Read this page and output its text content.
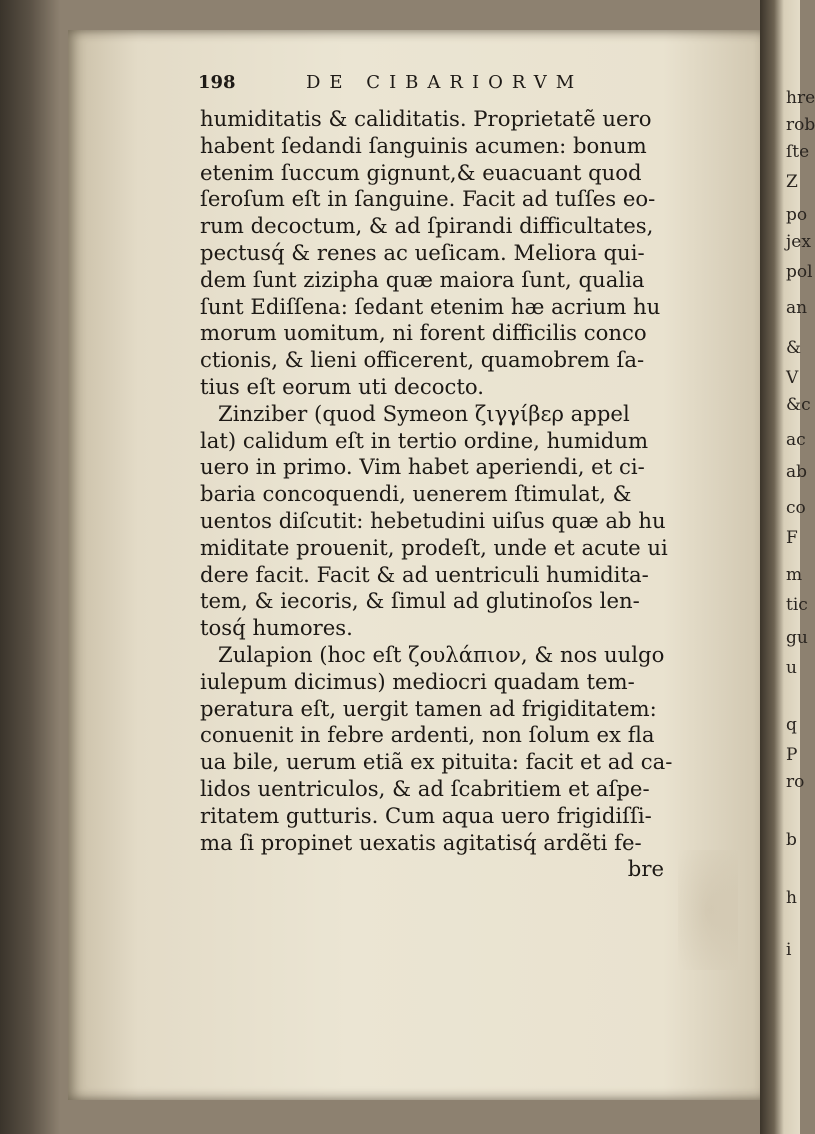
hre
rob
ſte
Z
po
jex
pol
an
&
V
&c
ac
ab
co
F
m
tic
gu
u
q
P
ro
b
h
i
198	DE CIBARIORVM
humiditatis & caliditatis. Proprietatẽ uero
habent ſedandi ſanguinis acumen: bonum
etenim ſuccum gignunt,& euacuant quod
ſeroſum eſt in ſanguine. Facit ad tuſſes eo-
rum decoctum, & ad ſpirandi difficultates,
pectusq́ & renes ac ueſicam. Meliora qui-
dem ſunt zizipha quæ maiora ſunt, qualia
ſunt Ediſſena: ſedant etenim hæ acrium hu
morum uomitum, ni forent difficilis conco
ctionis, & lieni officerent, quamobrem ſa-
tius eſt eorum uti decocto.
Zinziber (quod Symeon ζιγγίβερ appel
lat) calidum eſt in tertio ordine, humidum
uero in primo. Vim habet aperiendi, et ci-
baria concoquendi, uenerem ſtimulat, &
uentos diſcutit: hebetudini uiſus quæ ab hu
miditate prouenit, prodeſt, unde et acute ui
dere facit. Facit & ad uentriculi humidita-
tem, & iecoris, & ſimul ad glutinoſos len-
tosq́ humores.
Zulapion (hoc eſt ζουλάπιον, & nos uulgo
iulepum dicimus) mediocri quadam tem-
peratura eſt, uergit tamen ad frigiditatem:
conuenit in febre ardenti, non ſolum ex fla
ua bile, uerum etiã ex pituita: facit et ad ca-
lidos uentriculos, & ad ſcabritiem et aſpe-
ritatem gutturis. Cum aqua uero frigidiſſi-
ma ſi propinet uexatis agitatisq́ ardẽti fe-
bre
